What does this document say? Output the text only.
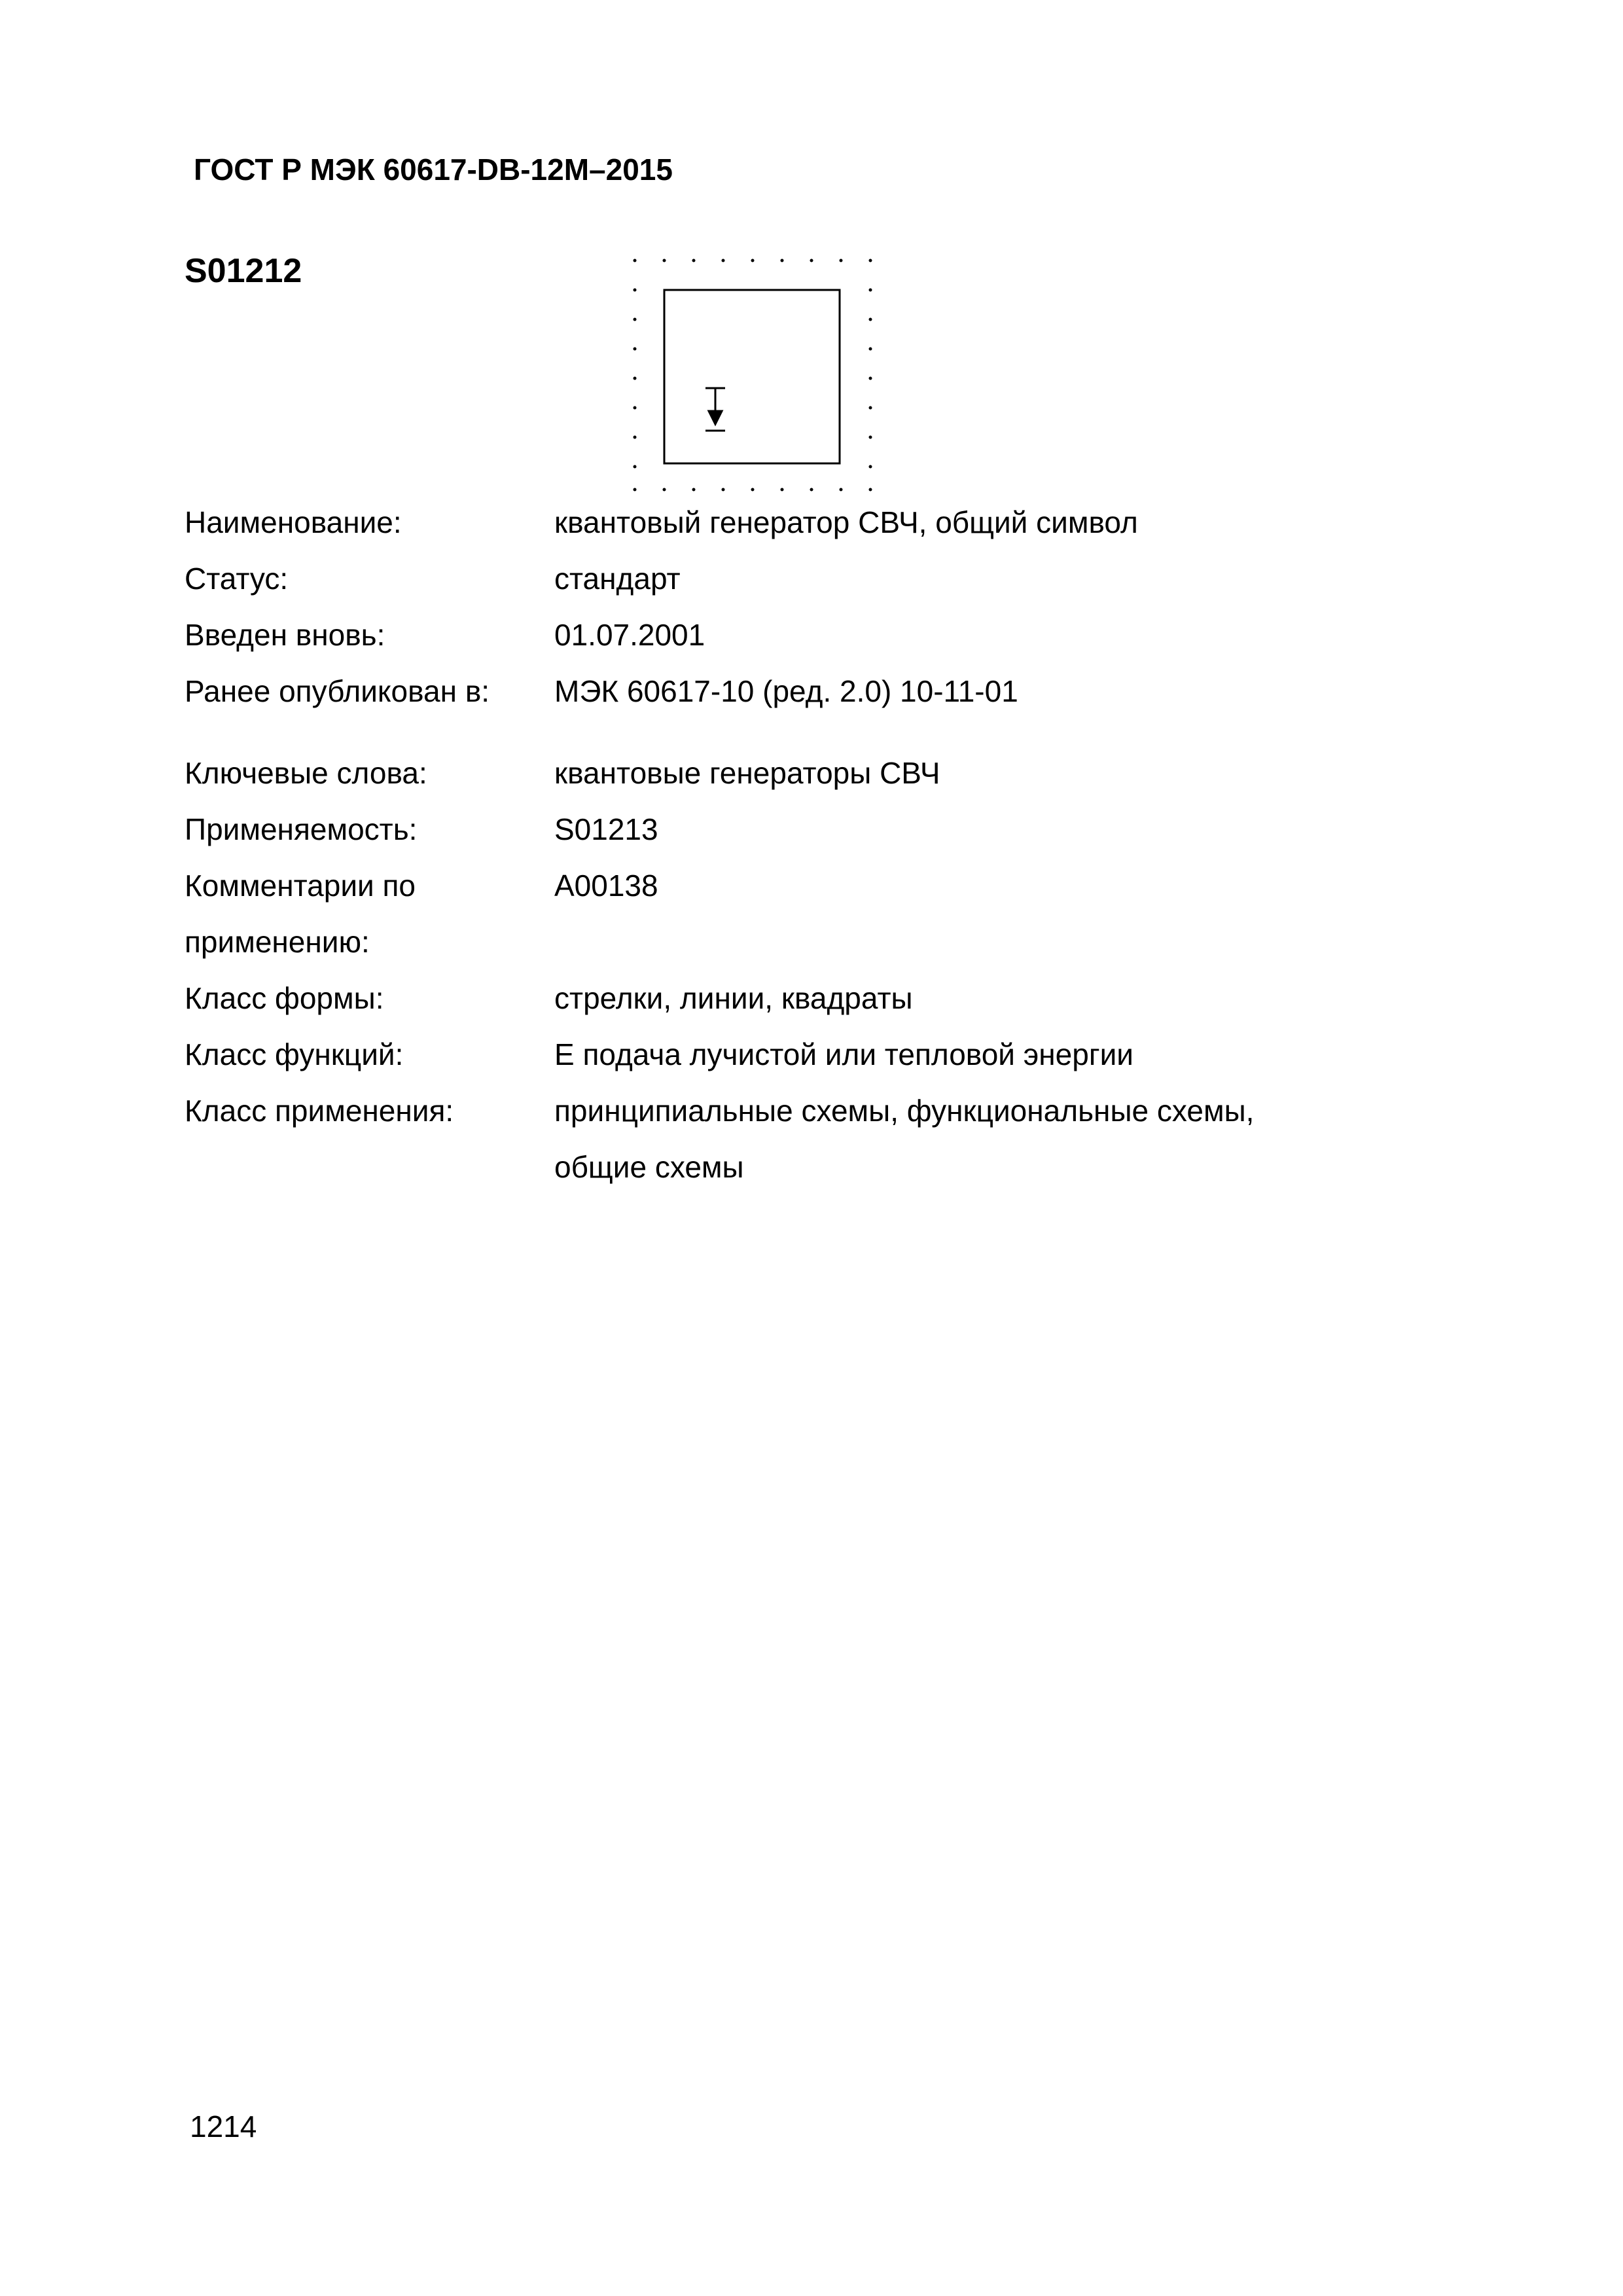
ГОСТ Р МЭК 60617-DB-12M–2015
S01212
Наименование:	квантовый генератор СВЧ, общий символ
Статус:	стандарт
Введен вновь:	01.07.2001
Ранее опубликован в:	МЭК 60617-10 (ред. 2.0) 10-11-01
Ключевые слова:	квантовые генераторы СВЧ
Применяемость:	S01213
Комментарии по	A00138
применению:
Класс формы:	стрелки, линии, квадраты
Класс функций:	E подача лучистой или тепловой энергии
Класс применения:	принципиальные схемы, функциональные схемы,
общие схемы
1214
